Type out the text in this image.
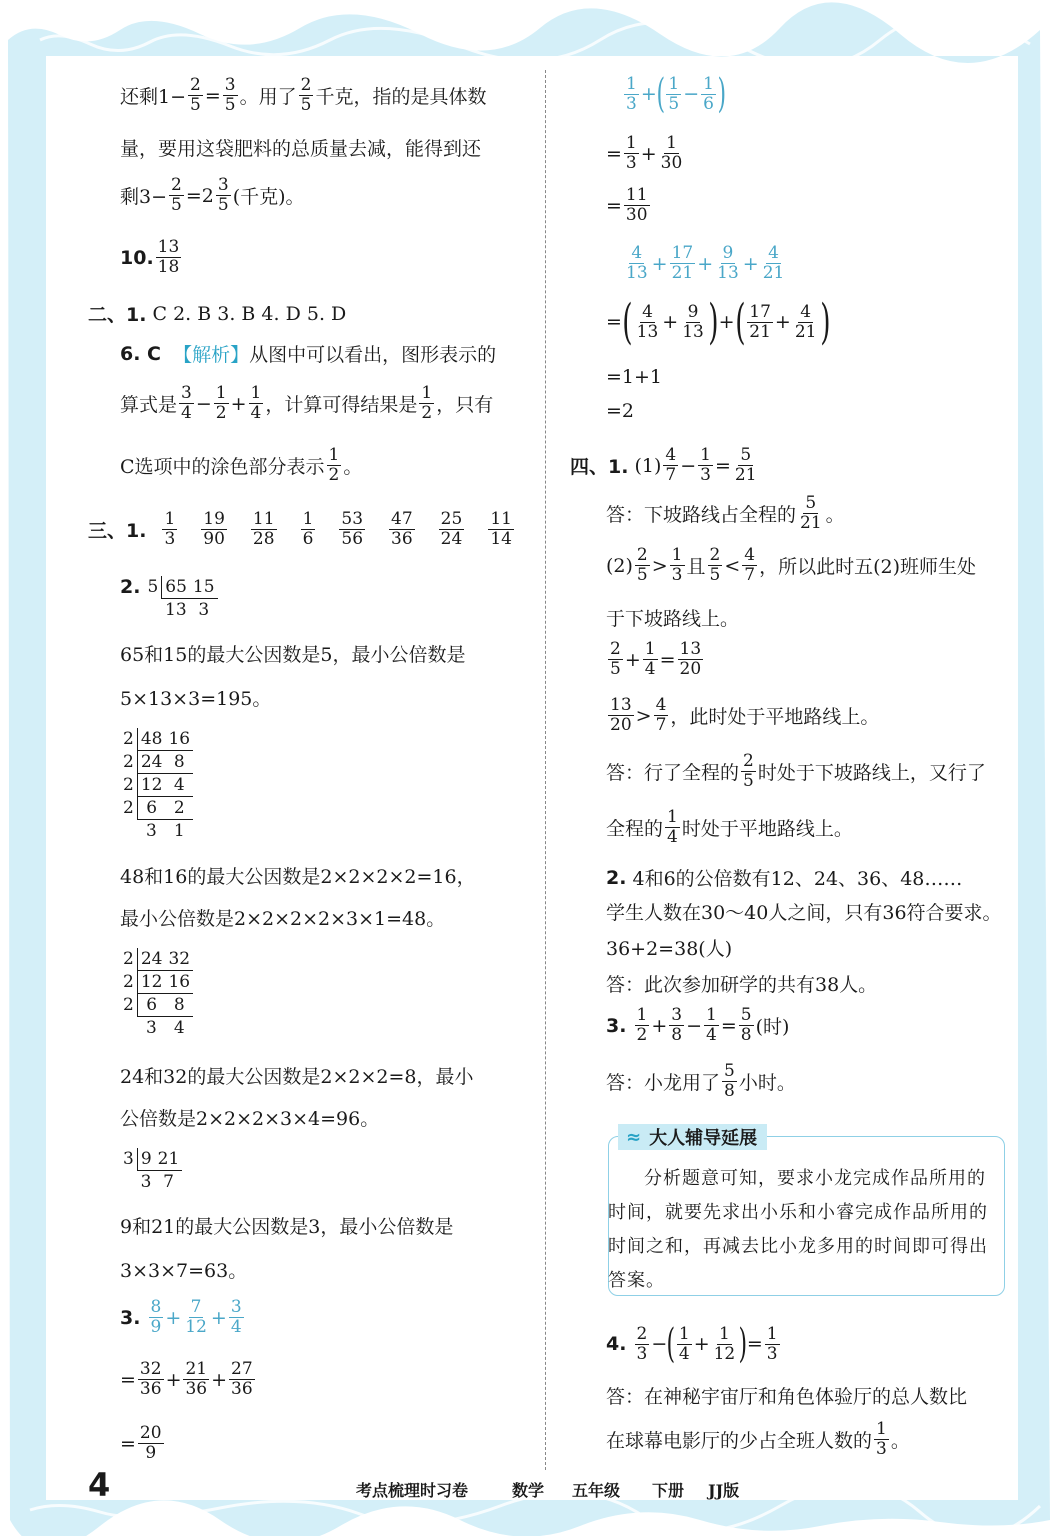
还剩$1- \frac{2}{5} = \frac{3}{5}$ 。用了
2
5 千克，指的是具体数
量，要用这袋肥料的总质量去减，能得到还
剩$3- \frac{2}{5} =2$ 3
5 (千克)。
10. 13
18
二、1.
C 2. B 3. B 4. D 5. D
6. C
【解析】 从图中可以看出，图形表示的
算式是
3
$4 - \frac{1}{2} + \frac{1}{4}$ ，计算可得结果是
1
2 ，只有
C选项中的涂色部分表示
1
2 。
三、1.
1
3
19
90
11
28
1
6
53
56
47
36
25
24
11
14
2. 5	65	15
	13	3
65和15的最大公因数是5，最小公倍数是
5×13×3=195。
2	48	16
2	24	8
2	12	4
2	6	2
	3	1
48和16的最大公因数是2×2×2×2=16，
最小公倍数是2×2×2×2×3×1=48。
2	24	32
2	12	16
2	6	8
	3	4
24和32的最大公因数是2×2×2=8，最小
公倍数是2×2×2×3×4=96。
3	9	21
	3	7
9和21的最大公因数是3，最小公倍数是
3×3×7=63。
3.
8
$9 + \frac{7}{12} + \frac{3}{4}$
= $\frac{32}{36} + \frac{21}{36} + \frac{27}{36}$
= $\frac{20}{9}$
1
3 + ( 1
$5 - \frac{1}{6}$ )
= $\frac{1}{3} + \frac{1}{30}$
= $\frac{11}{30}$
4
$13 + \frac{17}{21} + \frac{9}{13} + \frac{4}{21}$
= ( 4
$13 + \frac{9}{13}$ ) + ( 17
$21 + \frac{4}{21}$ )
=1+1
=2
四、1.
(1) 4
$7 - \frac{1}{3} = \frac{5}{21}$
答：下坡路线占全程的
5
21 。
(2) 2
5 > 1
3 且
2
5 < 4
7 ，所以此时五(2)班师生处
于下坡路线上。
2
$5 + \frac{1}{4} = \frac{13}{20}$
13
20 > 4
7 ，此时处于平地路线上。
答：行了全程的
2
5 时处于下坡路线上，又行了
全程的
1
4 时处于平地路线上。
2.
4和6的公倍数有12、24、36、48……
学生人数在30～40人之间，只有36符合要求。
36+2=38(人)
答：此次参加研学的共有38人。
3.
1
$2 + \frac{3}{8} - \frac{1}{4} = \frac{5}{8}$ (时)
答：小龙用了
5
8 小时。
≈ 大人辅导延展
分析题意可知，要求小龙完成作品所用的时间，就要先求出小乐和小睿完成作品所用的时间之和，再减去比小龙多用的时间即可得出答案。
4.
2
3 − ( 1
$4 + \frac{1}{12}$ ) = $\frac{1}{3}$
答：在神秘宇宙厅和角色体验厅的总人数比
在球幕电影厅的少占全班人数的
1
3 。
4	考点梳理时习卷	数学 五年级 下册 JJ版
